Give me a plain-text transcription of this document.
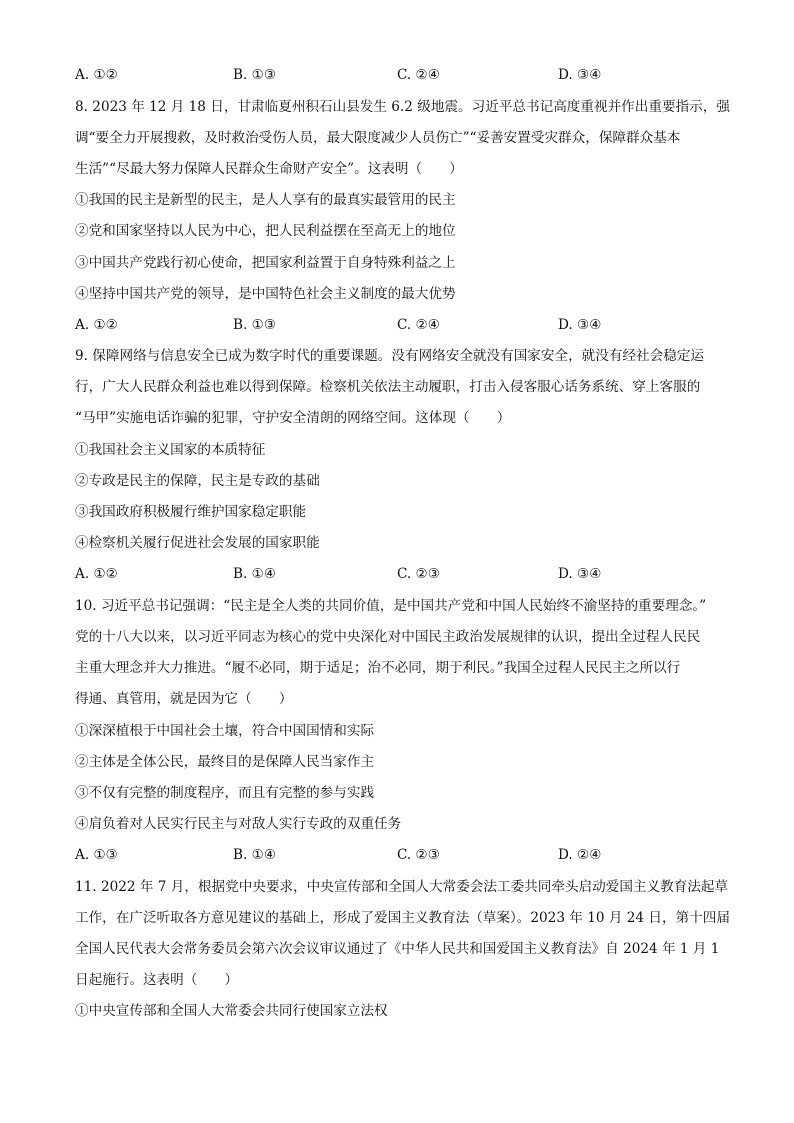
A. ①②	B. ①③	C. ②④	D. ③④
8. 2023 年 12 月 18 日，甘肃临夏州积石山县发生 6.2 级地震。习近平总书记高度重视并作出重要指示，强
调“要全力开展搜救，及时救治受伤人员，最大限度减少人员伤亡”“妥善安置受灾群众，保障群众基本
生活”“尽最大努力保障人民群众生命财产安全”。这表明（　　）
①我国的民主是新型的民主，是人人享有的最真实最管用的民主
②党和国家坚持以人民为中心，把人民利益摆在至高无上的地位
③中国共产党践行初心使命，把国家利益置于自身特殊利益之上
④坚持中国共产党的领导，是中国特色社会主义制度的最大优势
A. ①②	B. ①③	C. ②④	D. ③④
9. 保障网络与信息安全已成为数字时代的重要课题。没有网络安全就没有国家安全，就没有经社会稳定运
行，广大人民群众利益也难以得到保障。检察机关依法主动履职，打击入侵客服心话务系统、穿上客服的
“马甲”实施电话诈骗的犯罪，守护安全清朗的网络空间。这体现（　　）
①我国社会主义国家的本质特征
②专政是民主的保障，民主是专政的基础
③我国政府积极履行维护国家稳定职能
④检察机关履行促进社会发展的国家职能
A. ①②	B. ①④	C. ②③	D. ③④
10. 习近平总书记强调：“民主是全人类的共同价值，是中国共产党和中国人民始终不渝坚持的重要理念。”
党的十八大以来，以习近平同志为核心的党中央深化对中国民主政治发展规律的认识，提出全过程人民民
主重大理念并大力推进。“履不必同，期于适足；治不必同，期于利民。”我国全过程人民民主之所以行
得通、真管用，就是因为它（　　）
①深深植根于中国社会土壤，符合中国国情和实际
②主体是全体公民，最终目的是保障人民当家作主
③不仅有完整的制度程序，而且有完整的参与实践
④肩负着对人民实行民主与对敌人实行专政的双重任务
A. ①③	B. ①④	C. ②③	D. ②④
11. 2022 年 7 月，根据党中央要求，中央宣传部和全国人大常委会法工委共同牵头启动爱国主义教育法起草
工作，在广泛听取各方意见建议的基础上，形成了爱国主义教育法（草案）。2023 年 10 月 24 日，第十四届
全国人民代表大会常务委员会第六次会议审议通过了《中华人民共和国爱国主义教育法》自 2024 年 1 月 1
日起施行。这表明（　　）
①中央宣传部和全国人大常委会共同行使国家立法权
